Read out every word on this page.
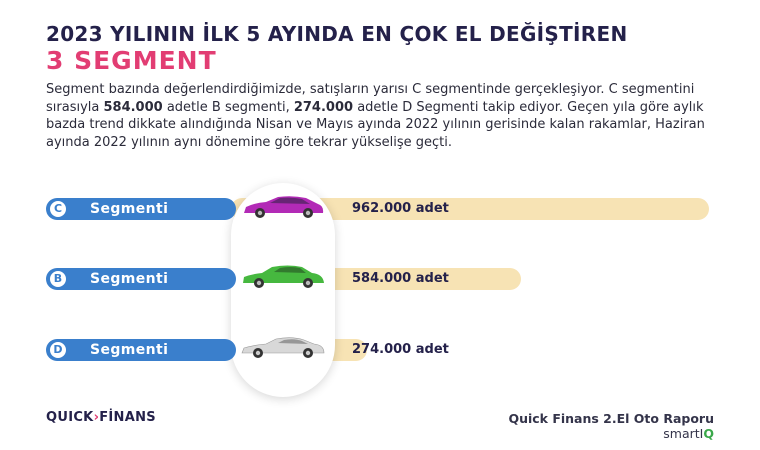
2023 YILININ İLK 5 AYINDA EN ÇOK EL DEĞİŞTİREN
3 SEGMENT
Segment bazında değerlendirdiğimizde, satışların yarısı C segmentinde gerçekleşiyor. C segmentini sırasıyla 584.000 adetle B segmenti, 274.000 adetle D Segmenti takip ediyor. Geçen yıla göre aylık bazda trend dikkate alındığında Nisan ve Mayıs ayında 2022 yılının gerisinde kalan rakamlar, Haziran ayında 2022 yılının aynı dönemine göre tekrar yükselişe geçti.
C Segmenti
B Segmenti
D Segmenti
962.000 adet
584.000 adet
274.000 adet
QUICK›FİNANS	Quick Finans 2.El Oto Raporu
smartIQ
